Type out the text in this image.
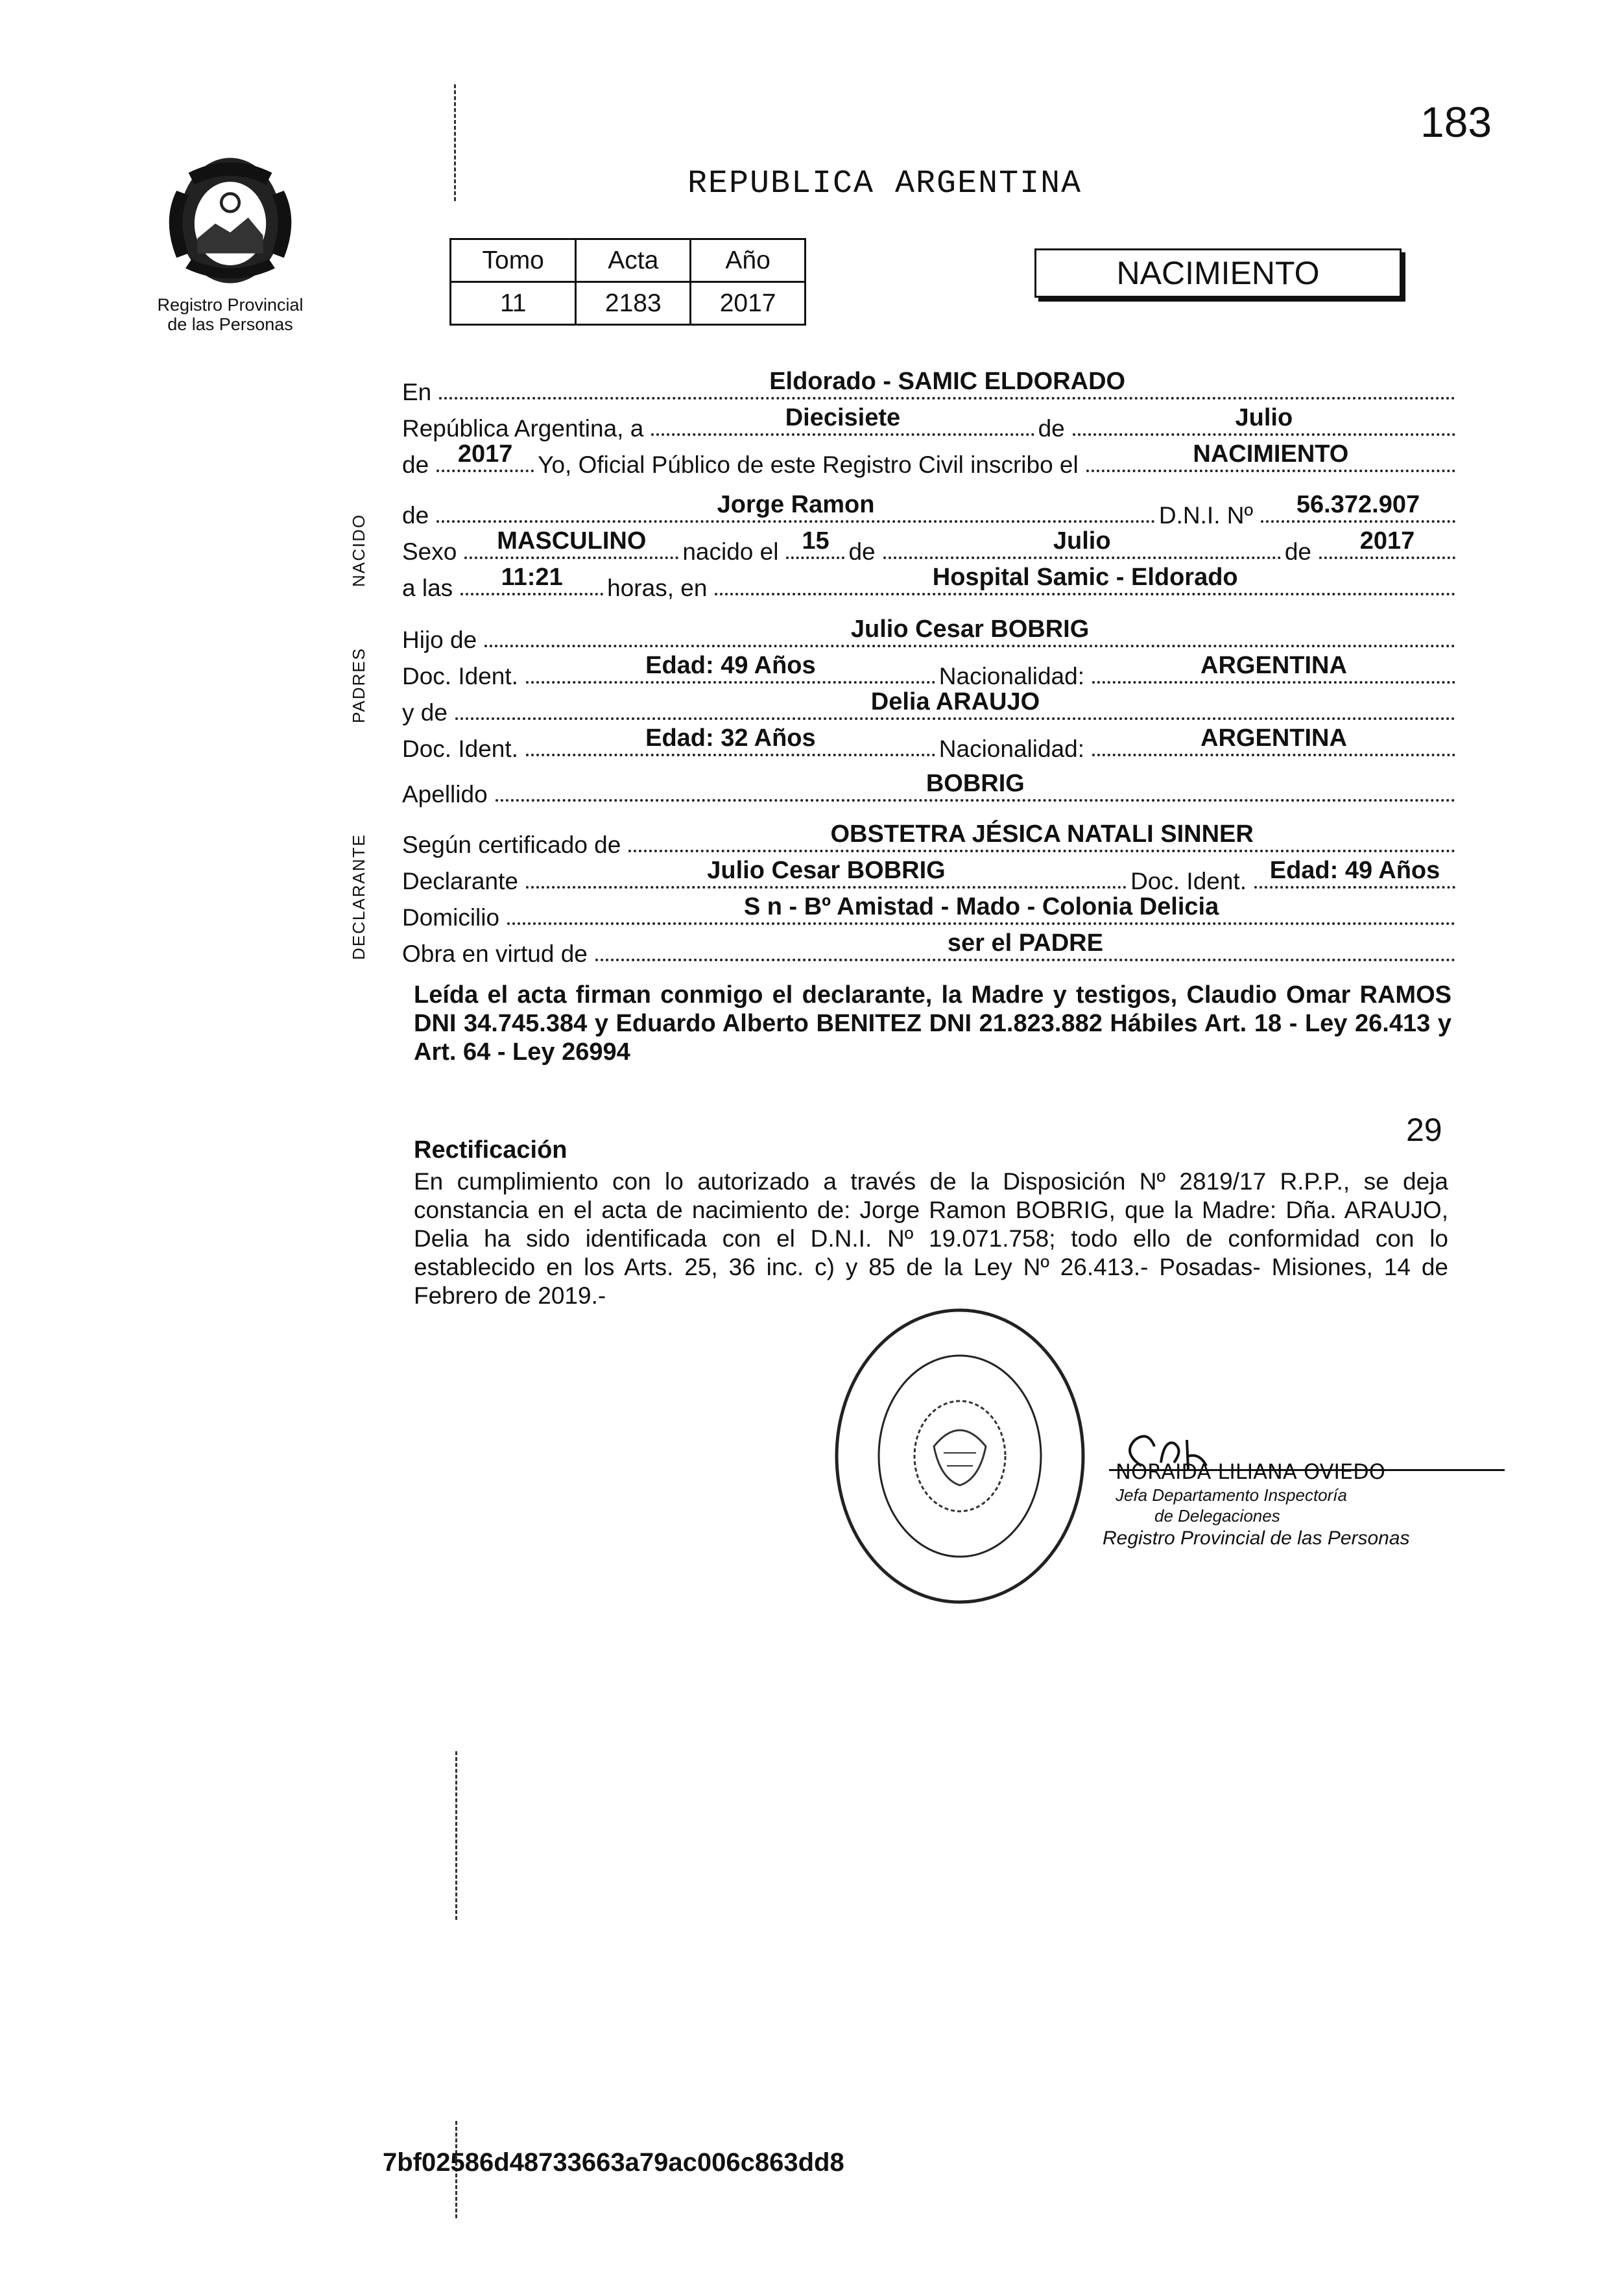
183
Registro Provincial
de las Personas
REPUBLICA ARGENTINA
Tomo	Acta	Año
11	2183	2017
NACIMIENTO
NACIDO
PADRES
DECLARANTE
En	Eldorado - SAMIC ELDORADO
República Argentina, a	Diecisiete	de	Julio
de	2017	Yo, Oficial Público de este Registro Civil inscribo el	NACIMIENTO
de	Jorge Ramon	D.N.I. Nº	56.372.907
Sexo	MASCULINO	nacido el 15 de	Julio	de	2017
a las	11:21	horas, en	Hospital Samic - Eldorado
Hijo de	Julio Cesar BOBRIG
Doc. Ident.	Edad: 49 Años	Nacionalidad:	ARGENTINA
y de	Delia ARAUJO
Doc. Ident.	Edad: 32 Años	Nacionalidad:	ARGENTINA
Apellido	BOBRIG
Según certificado de	OBSTETRA JÉSICA NATALI SINNER
Declarante	Julio Cesar BOBRIG	Doc. Ident. Edad: 49 Años
Domicilio	S n - Bº Amistad - Mado - Colonia Delicia
Obra en virtud de	ser el PADRE
Leída el acta firman conmigo el declarante, la Madre y testigos, Claudio Omar RAMOS DNI 34.745.384 y Eduardo Alberto BENITEZ DNI 21.823.882 Hábiles Art. 18 - Ley 26.413 y Art. 64 - Ley 26994
29
Rectificación
En cumplimiento con lo autorizado a través de la Disposición Nº 2819/17 R.P.P., se deja constancia en el acta de nacimiento de: Jorge Ramon BOBRIG, que la Madre: Dña. ARAUJO, Delia ha sido identificada con el D.N.I. Nº 19.071.758; todo ello de conformidad con lo establecido en los Arts. 25, 36 inc. c) y 85 de la Ley Nº 26.413.- Posadas- Misiones, 14 de Febrero de 2019.-
NORAIDA LILIANA OVIEDO
Jefa Departamento Inspectoría
de Delegaciones
Registro Provincial de las Personas
7bf02586d48733663a79ac006c863dd8
